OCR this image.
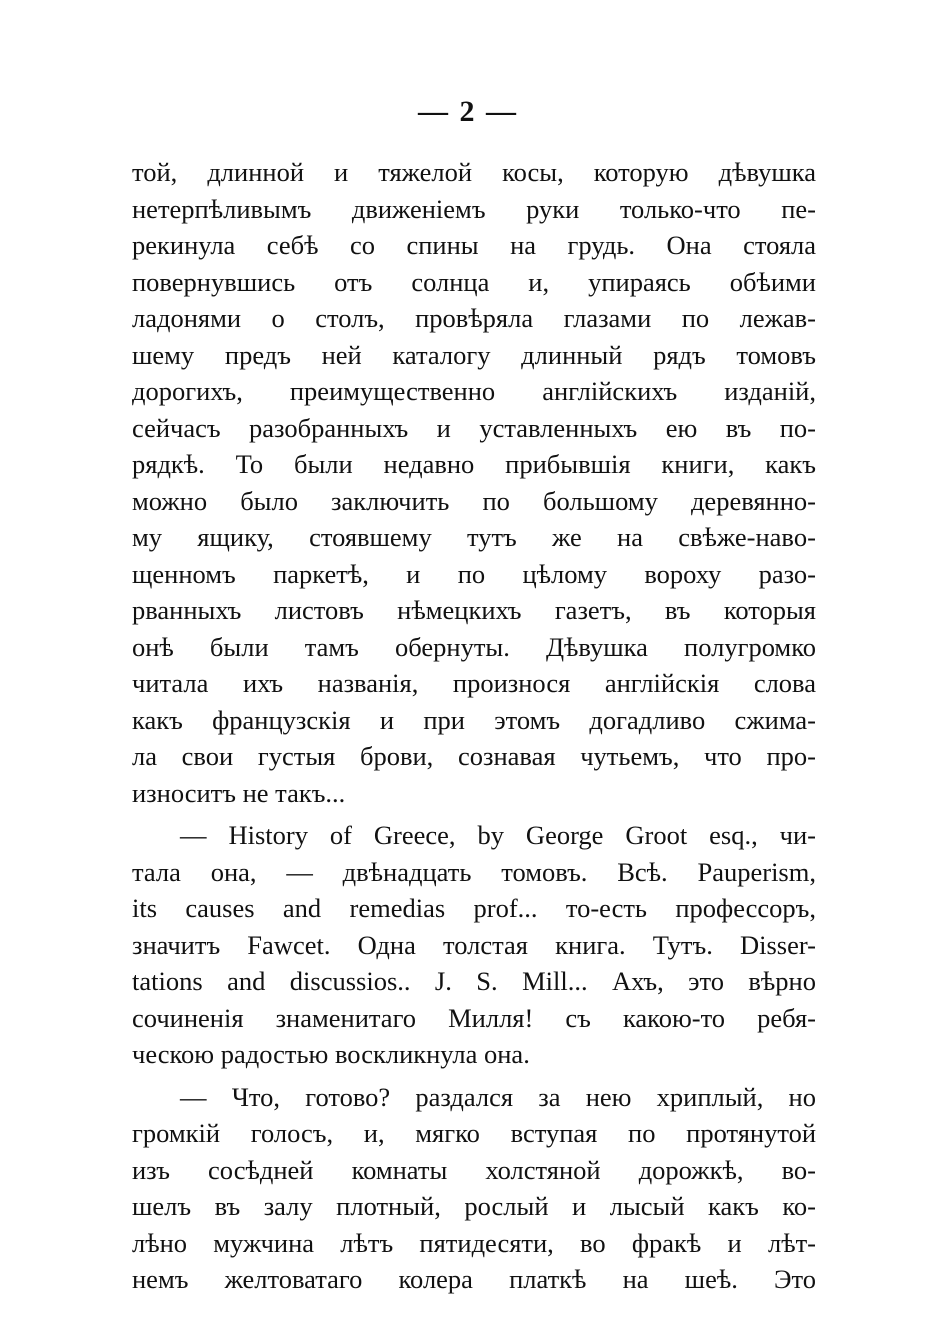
— 2 —
той, длинной и тяжелой косы, которую дѣвушка
нетерпѣливымъ движеніемъ руки только-что пе-
рекинула себѣ со спины на грудь. Она стояла
повернувшись отъ солнца и, упираясь обѣими
ладонями о столъ, провѣряла глазами по лежав-
шему предъ ней каталогу длинный рядъ томовъ
дорогихъ, преимущественно англійскихъ изданій,
сейчасъ разобранныхъ и уставленныхъ ею въ по-
рядкѣ. То были недавно прибывшія книги, какъ
можно было заключить по большому деревянно-
му ящику, стоявшему тутъ же на свѣже-навo-
щенномъ паркетѣ, и по цѣлому вороху разо-
рванныхъ листовъ нѣмецкихъ газетъ, въ которыя
онѣ были тамъ обернуты. Дѣвушка полугромко
читала ихъ названія, произнося англійскія слова
какъ французскія и при этомъ догадливо сжима-
ла свои густыя брови, сознавая чутьемъ, что про-
износитъ не такъ...
— History of Greece, by George Groot esq., чи-
тала она, — двѣнадцать томовъ. Всѣ. Pauperism,
its causes and remedias prof... то-есть профессоръ,
значитъ Fawcet. Одна толстая книга. Тутъ. Disser-
tations and discussios.. J. S. Mill... Ахъ, это вѣрно
сочиненія знаменитаго Милля! съ какою-то ребя-
ческою радостью воскликнула она.
— Что, готово? раздался за нею хриплый, но
громкій голосъ, и, мягко вступая по протянутой
изъ сосѣдней комнаты холстяной дорожкѣ, во-
шелъ въ залу плотный, рослый и лысый какъ ко-
лѣно мужчина лѣтъ пятидесяти, во фракѣ и лѣт-
немъ желтоватаго колера платкѣ на шеѣ. Это
